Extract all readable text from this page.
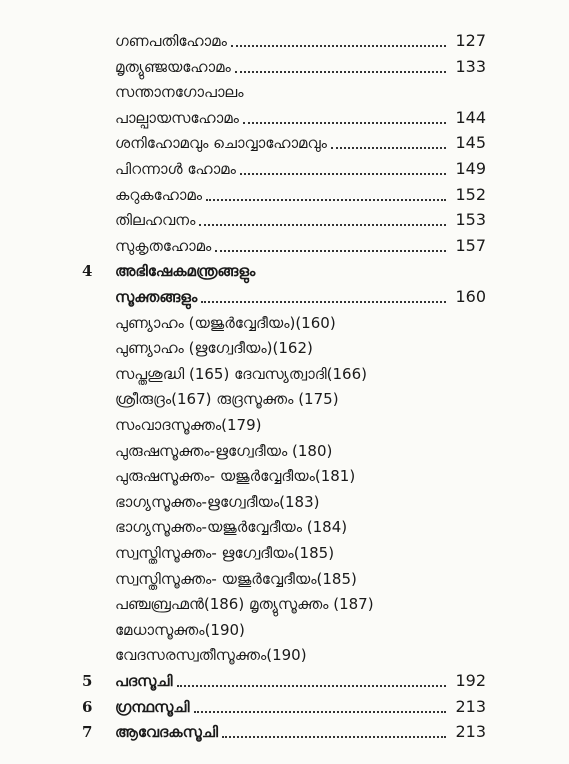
ഗണപതിഹോമം	127
മൃത്യുഞ്ജയഹോമം	133
സന്താനഗോപാലം
പാല്പായസഹോമം	144
ശനിഹോമവും ചൊവ്വാഹോമവും	145
പിറന്നാൾ ഹോമം	149
കറുകഹോമം	152
തിലഹവനം	153
സുകൃതഹോമം	157
4 അഭിഷേകമന്ത്രങ്ങളും
സൂക്തങ്ങളും	160
പുണ്യാഹം (യജുർവ്വേദീയം)(160)
പുണ്യാഹം (ഋഗ്വേദീയം)(162)
സപ്തശുദ്ധി (165) ദേവസ്യത്വാദി(166)
ശ്രീരുദ്രം(167) രുദ്രസൂക്തം (175)
സംവാദസൂക്തം(179)
പുരുഷസൂക്തം-ഋഗ്വേദീയം (180)
പുരുഷസൂക്തം- യജുർവ്വേദീയം(181)
ഭാഗ്യസൂക്തം-ഋഗ്വേദീയം(183)
ഭാഗ്യസൂക്തം-യജുർവ്വേദീയം (184)
സ്വസ്തിസൂക്തം- ഋഗ്വേദീയം(185)
സ്വസ്തിസൂക്തം- യജുർവ്വേദീയം(185)
പഞ്ചബ്രഹ്മൻ(186) മൃത്യുസൂക്തം (187)
മേധാസൂക്തം(190)
വേദസരസ്വതീസൂക്തം(190)
5 പദസൂചി	192
6 ഗ്രന്ഥസൂചി	213
7 ആവേദകസൂചി	213
